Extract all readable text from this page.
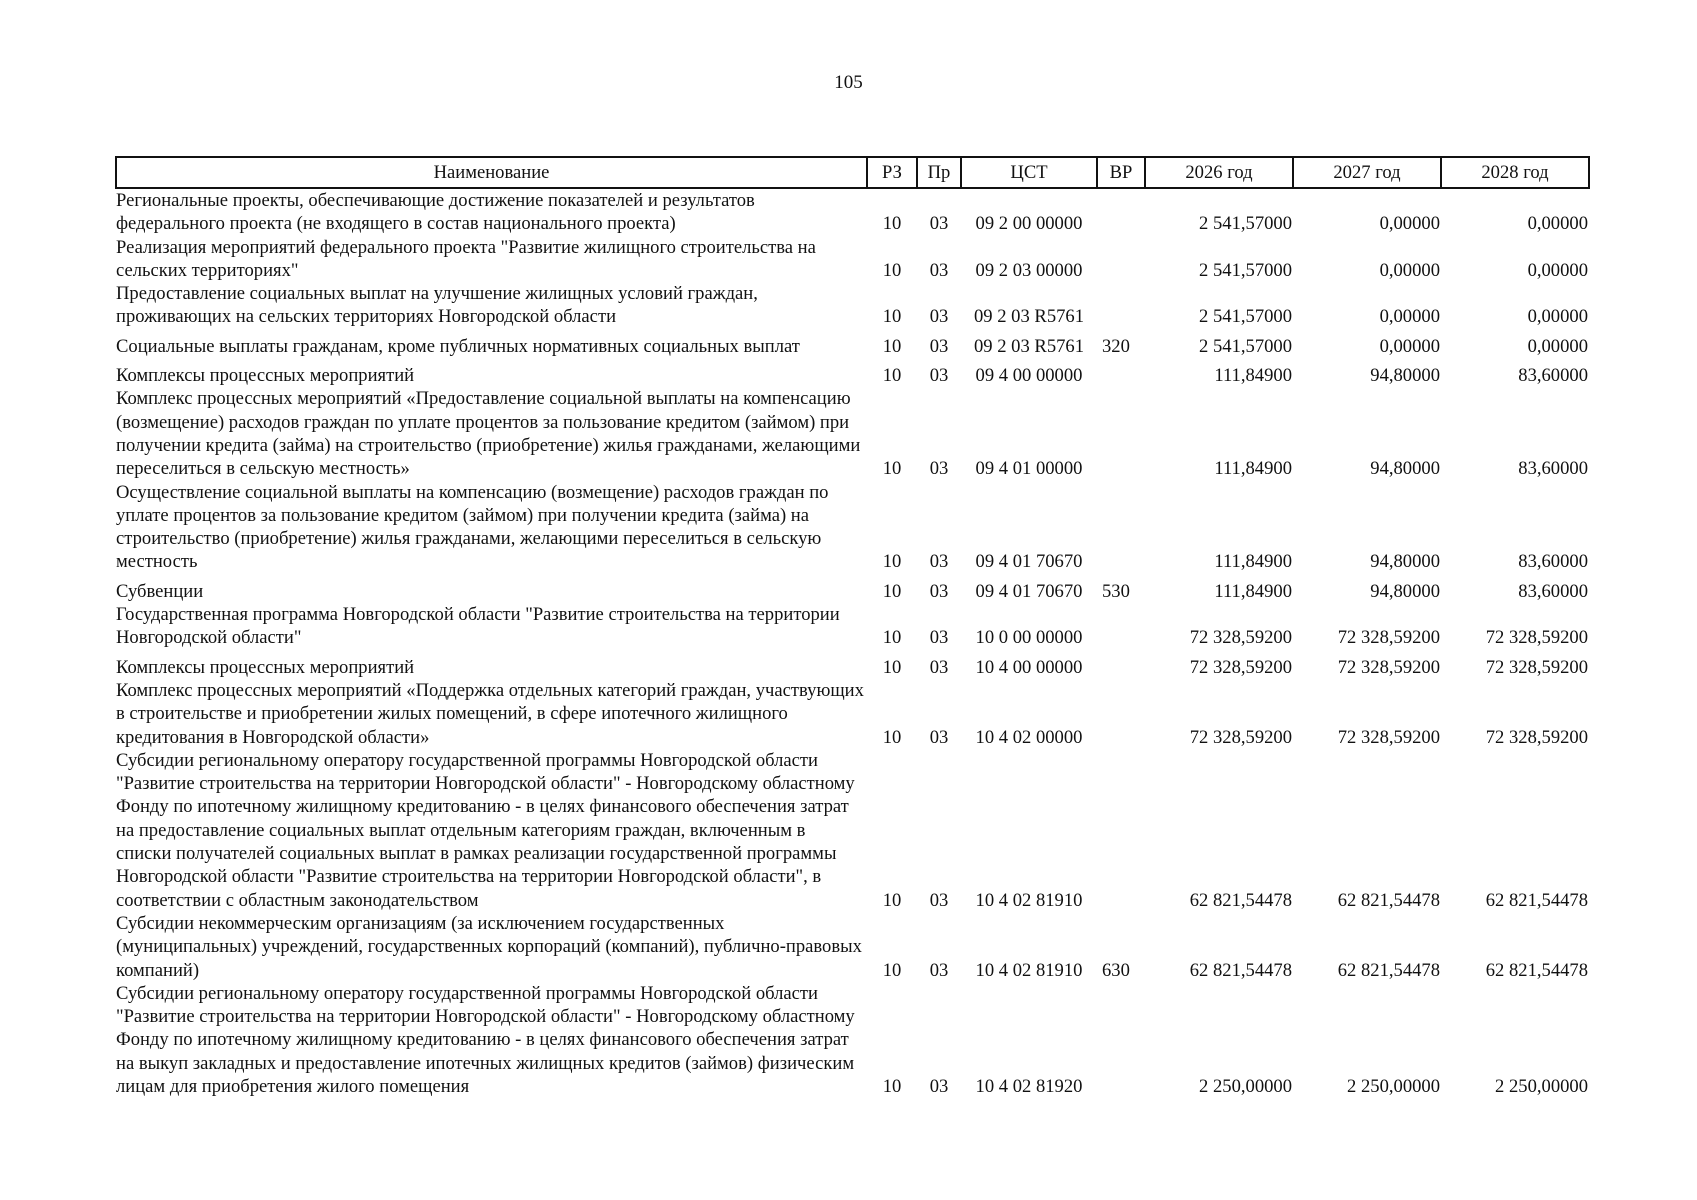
105
Наименование	РЗ	Пр	ЦСТ	ВР	2026 год	2027 год	2028 год
Региональные проекты, обеспечивающие достижение показателей и результатов федерального проекта (не входящего в состав национального проекта)	10	03	09 2 00 00000		2 541,57000	0,00000	0,00000
Реализация мероприятий федерального проекта "Развитие жилищного строительства на сельских территориях"	10	03	09 2 03 00000		2 541,57000	0,00000	0,00000
Предоставление социальных выплат на улучшение жилищных условий граждан, проживающих на сельских территориях Новгородской области	10	03	09 2 03 R5761		2 541,57000	0,00000	0,00000
Социальные выплаты гражданам, кроме публичных нормативных социальных выплат	10	03	09 2 03 R5761	320	2 541,57000	0,00000	0,00000
Комплексы процессных мероприятий	10	03	09 4 00 00000		111,84900	94,80000	83,60000
Комплекс процессных мероприятий «Предоставление социальной выплаты на компенсацию (возмещение) расходов граждан по уплате процентов за пользование кредитом (займом) при получении кредита (займа) на строительство (приобретение) жилья гражданами, желающими переселиться в сельскую местность»	10	03	09 4 01 00000		111,84900	94,80000	83,60000
Осуществление социальной выплаты на компенсацию (возмещение) расходов граждан по уплате процентов за пользование кредитом (займом) при получении кредита (займа) на строительство (приобретение) жилья гражданами, желающими переселиться в сельскую местность	10	03	09 4 01 70670		111,84900	94,80000	83,60000
Субвенции	10	03	09 4 01 70670	530	111,84900	94,80000	83,60000
Государственная программа Новгородской области "Развитие строительства на территории Новгородской области"	10	03	10 0 00 00000		72 328,59200	72 328,59200	72 328,59200
Комплексы процессных мероприятий	10	03	10 4 00 00000		72 328,59200	72 328,59200	72 328,59200
Комплекс процессных мероприятий «Поддержка отдельных категорий граждан, участвующих в строительстве и приобретении жилых помещений, в сфере ипотечного жилищного кредитования в Новгородской области»	10	03	10 4 02 00000		72 328,59200	72 328,59200	72 328,59200
Субсидии региональному оператору государственной программы Новгородской области "Развитие строительства на территории Новгородской области" - Новгородскому областному Фонду по ипотечному жилищному кредитованию - в целях финансового обеспечения затрат на предоставление социальных выплат отдельным категориям граждан, включенным в списки получателей социальных выплат в рамках реализации государственной программы Новгородской области "Развитие строительства на территории Новгородской области", в соответствии с областным законодательством	10	03	10 4 02 81910		62 821,54478	62 821,54478	62 821,54478
Субсидии некоммерческим организациям (за исключением государственных (муниципальных) учреждений, государственных корпораций (компаний), публично-правовых компаний)	10	03	10 4 02 81910	630	62 821,54478	62 821,54478	62 821,54478
Субсидии региональному оператору государственной программы Новгородской области "Развитие строительства на территории Новгородской области" - Новгородскому областному Фонду по ипотечному жилищному кредитованию - в целях финансового обеспечения затрат на выкуп закладных и предоставление ипотечных жилищных кредитов (займов) физическим лицам для приобретения жилого помещения	10	03	10 4 02 81920		2 250,00000	2 250,00000	2 250,00000
